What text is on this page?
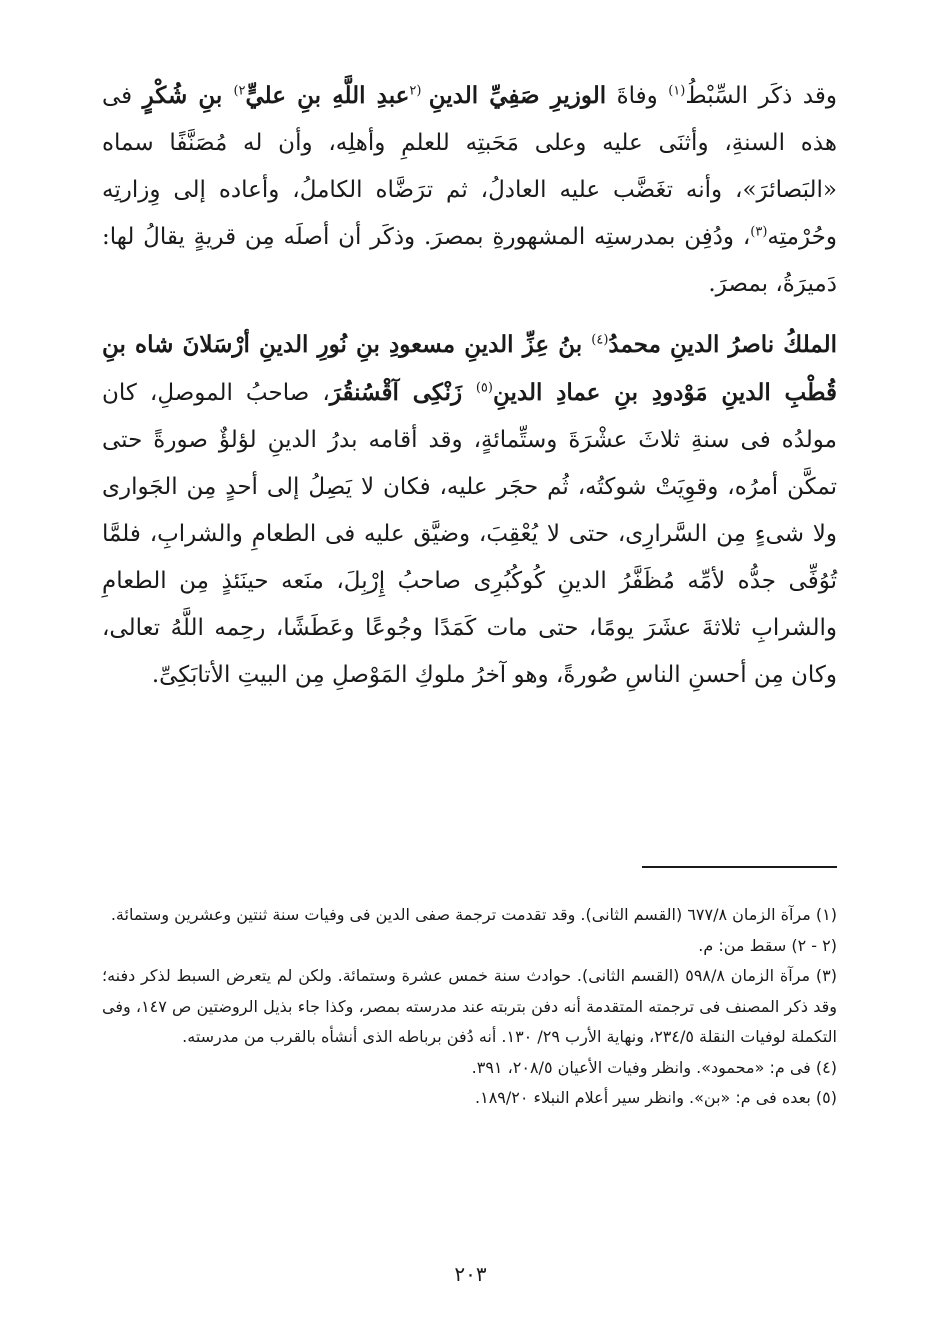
وقد ذكَر السِّبْطُ$^{(١)}$ وفاةَ الوزيرِ صَفِيِّ الدينِ $^{(٢}$عبدِ اللَّهِ بنِ عليٍّ$^{٢)}$ بنِ شُكْرٍ فى هذه السنةِ، وأثنَى عليه وعلى مَحَبتِه للعلمِ وأهلِه، وأن له مُصَنَّفًا سماه «البَصائرَ»، وأنه تغَضَّب عليه العادلُ، ثم ترَضَّاه الكاملُ، وأعاده إلى وِزارتِه وحُرْمتِه$^{(٣)}$، ودُفِن بمدرستِه المشهورةِ بمصرَ. وذكَر أن أصلَه مِن قريةٍ يقالُ لها: دَميرَةُ، بمصرَ.

الملكُ ناصرُ الدينِ محمدُ$^{(٤)}$ بنُ عِزِّ الدينِ مسعودِ بنِ نُورِ الدينِ أرْسَلانَ شاه بنِ قُطْبِ الدينِ مَوْدودِ بنِ عمادِ الدينِ$^{(٥)}$ زَنْكِى آقْسُنقُرَ، صاحبُ الموصلِ، كان مولدُه فى سنةِ ثلاثَ عشْرَةَ وستِّمائةٍ، وقد أقامه بدرُ الدينِ لؤلؤٌ صورةً حتى تمكَّن أمرُه، وقوِيَتْ شوكتُه، ثُم حجَر عليه، فكان لا يَصِلُ إلى أحدٍ مِن الجَوارى ولا شىءٍ مِن السَّرارِى، حتى لا يُعْقِبَ، وضيَّق عليه فى الطعامِ والشرابِ، فلمَّا تُوُفِّى جدُّه لأمِّه مُظَفَّرُ الدينِ كُوكُبُرِى صاحبُ إِرْبِلَ، منَعه حينَئذٍ مِن الطعامِ والشرابِ ثلاثةَ عشَرَ يومًا، حتى مات كَمَدًا وجُوعًا وعَطَشًا، رحِمه اللَّهُ تعالى، وكان مِن أحسنِ الناسِ صُورةً، وهو آخرُ ملوكِ المَوْصلِ مِن البيتِ الأتابَكِىِّ.

(١) مرآة الزمان ٦٧٧/٨ (القسم الثانى). وقد تقدمت ترجمة صفى الدين فى وفيات سنة ثنتين وعشرين وستمائة.

(٢ - ٢) سقط من: م.

(٣) مرآة الزمان ٥٩٨/٨ (القسم الثانى). حوادث سنة خمس عشرة وستمائة. ولكن لم يتعرض السبط لذكر دفنه؛ وقد ذكر المصنف فى ترجمته المتقدمة أنه دفن بتربته عند مدرسته بمصر، وكذا جاء بذيل الروضتين ص ١٤٧، وفى التكملة لوفيات النقلة ٢٣٤/٥، ونهاية الأرب ٢٩/ ١٣٠. أنه دُفن برباطه الذى أنشأه بالقرب من مدرسته.

(٤) فى م: «محمود». وانظر وفيات الأعيان ٢٠٨/٥، ٣٩١.

(٥) بعده فى م: «بن». وانظر سير أعلام النبلاء ١٨٩/٢٠.

٢٠٣
